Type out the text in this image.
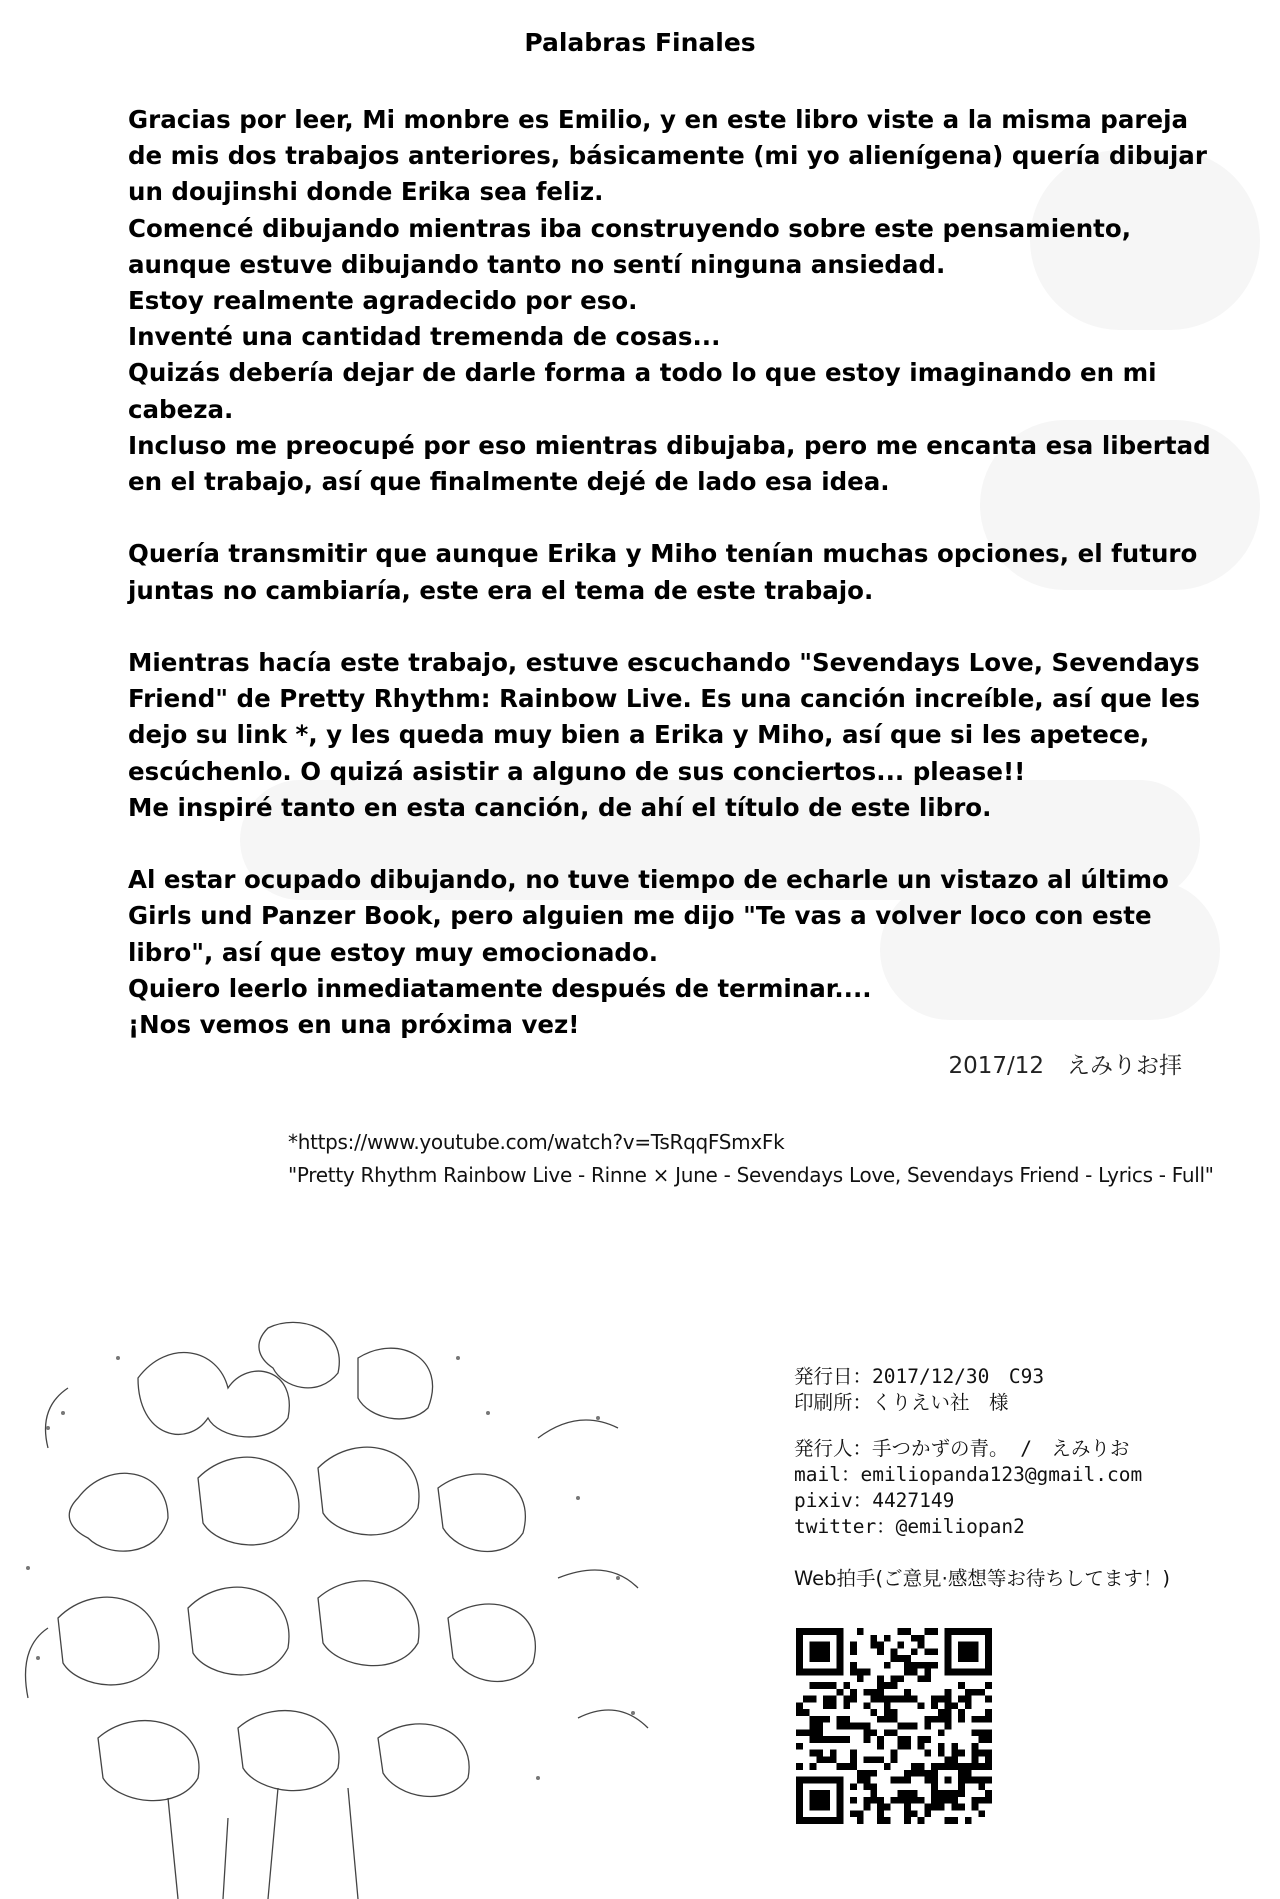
Palabras Finales
Gracias por leer, Mi monbre es Emilio, y en este libro viste a la misma pareja
de mis dos trabajos anteriores, básicamente (mi yo alienígena) quería dibujar
un doujinshi donde Erika sea feliz.
Comencé dibujando mientras iba construyendo sobre este pensamiento,
aunque estuve dibujando tanto no sentí ninguna ansiedad.
Estoy realmente agradecido por eso.
Inventé una cantidad tremenda de cosas...
Quizás debería dejar de darle forma a todo lo que estoy imaginando en mi
cabeza.
Incluso me preocupé por eso mientras dibujaba, pero me encanta esa libertad
en el trabajo, así que finalmente dejé de lado esa idea.
Quería transmitir que aunque Erika y Miho tenían muchas opciones, el futuro
juntas no cambiaría, este era el tema de este trabajo.
Mientras hacía este trabajo, estuve escuchando "Sevendays Love, Sevendays
Friend" de Pretty Rhythm: Rainbow Live. Es una canción increíble, así que les
dejo su link *, y les queda muy bien a Erika y Miho, así que si les apetece,
escúchenlo. O quizá asistir a alguno de sus conciertos... please!!
Me inspiré tanto en esta canción, de ahí el título de este libro.
Al estar ocupado dibujando, no tuve tiempo de echarle un vistazo al último
Girls und Panzer Book, pero alguien me dijo "Te vas a volver loco con este
libro", así que estoy muy emocionado.
Quiero leerlo inmediatamente después de terminar....
¡Nos vemos en una próxima vez!
2017/12　えみりお拝
*https://www.youtube.com/watch?v=TsRqqFSmxFk
"Pretty Rhythm Rainbow Live - Rinne × June - Sevendays Love, Sevendays Friend - Lyrics - Full"
発行日：2017/12/30　C93
印刷所：くりえい社　様
発行人：手つかずの青。 /　えみりお
mail：emiliopanda123@gmail.com
pixiv：4427149
twitter：@emiliopan2
Web拍手(ご意見·感想等お待ちしてます！)
